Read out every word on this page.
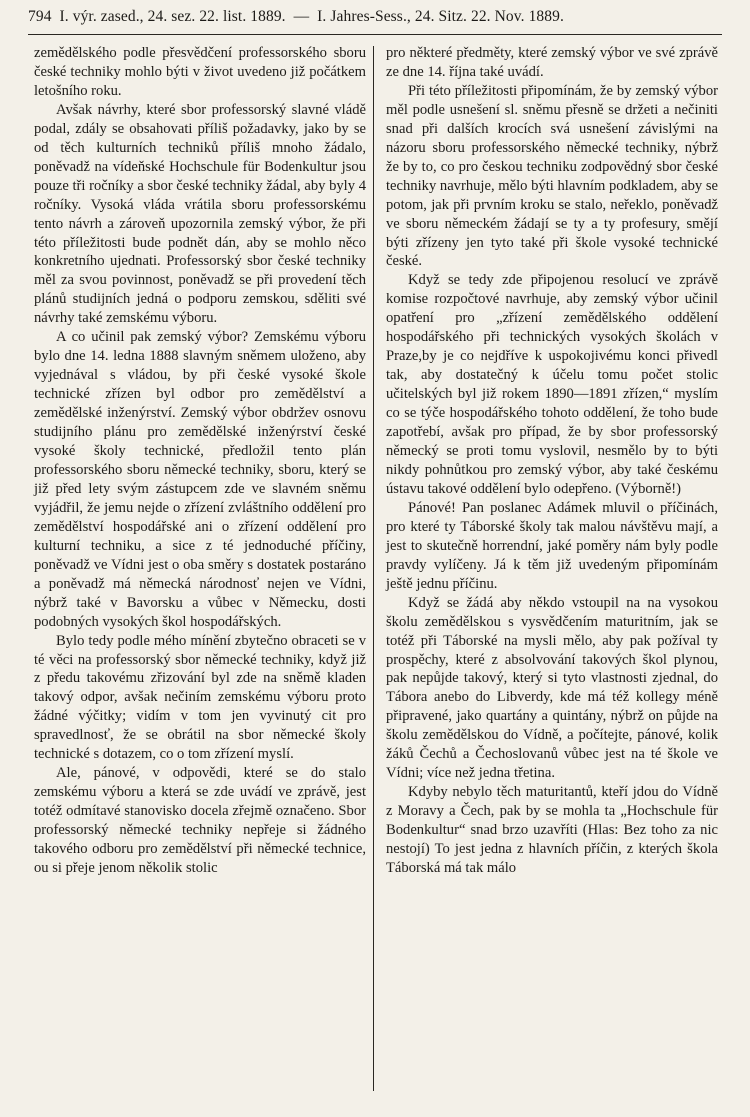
794 I. výr. zased., 24. sez. 22. list. 1889. — I. Jahres-Sess., 24. Sitz. 22. Nov. 1889.

zemědělského podle přesvědčení professorského sboru české techniky mohlo býti v život uvedeno již počátkem letošního roku.

Avšak návrhy, které sbor professorský slavné vládě podal, zdály se obsahovati příliš požadavky, jako by se od těch kulturních techniků příliš mnoho žádalo, poněvadž na vídeňské Hochschule für Bodenkultur jsou pouze tři ročníky a sbor české techniky žádal, aby byly 4 ročníky. Vysoká vláda vrátila sboru professorskému tento návrh a zároveň upozornila zemský výbor, že při této příležitosti bude podnět dán, aby se mohlo něco konkretního ujednati. Professorský sbor české techniky měl za svou povinnost, poněvadž se při provedení těch plánů studijních jedná o podporu zemskou, sděliti své návrhy také zemskému výboru.

A co učinil pak zemský výbor? Zemskému výboru bylo dne 14. ledna 1888 slavným sněmem uloženo, aby vyjednával s vládou, by při české vysoké škole technické zřízen byl odbor pro zemědělství a zemědělské inženýrství. Zemský výbor obdržev osnovu studijního plánu pro zemědělské inženýrství české vysoké školy technické, předložil tento plán professorského sboru německé techniky, sboru, který se již před lety svým zástupcem zde ve slavném sněmu vyjádřil, že jemu nejde o zřízení zvláštního oddělení pro zemědělství hospodářské ani o zřízení oddělení pro kulturní techniku, a sice z té jednoduché příčiny, poněvadž ve Vídni jest o oba směry s dostatek postaráno a poněvadž má německá národnosť nejen ve Vídni, nýbrž také v Bavorsku a vůbec v Německu, dosti podobných vysokých škol hospodářských.

Bylo tedy podle mého mínění zbytečno obraceti se v té věci na professorský sbor německé techniky, když již z předu takovému zřizování byl zde na sněmě kladen takový odpor, avšak nečiním zemskému výboru proto žádné výčitky; vidím v tom jen vyvinutý cit pro spravedlnosť, že se obrátil na sbor německé školy technické s dotazem, co o tom zřízení myslí.

Ale, pánové, v odpovědi, které se do stalo zemskému výboru a která se zde uvádí ve zprávě, jest totéž odmítavé stanovisko docela zřejmě označeno. Sbor professorský německé techniky nepřeje si žádného takového odboru pro zemědělství při německé technice, ou si přeje jenom několik stolic

pro některé předměty, které zemský výbor ve své zprávě ze dne 14. října také uvádí.

Při této příležitosti připomínám, že by zemský výbor měl podle usnešení sl. sněmu přesně se držeti a nečiniti snad při dalších krocích svá usnešení závislými na názoru sboru professorského německé techniky, nýbrž že by to, co pro českou techniku zodpovědný sbor české techniky navrhuje, mělo býti hlavním podkladem, aby se potom, jak při prvním kroku se stalo, neřeklo, poněvadž ve sboru německém žádají se ty a ty profesury, smějí býti zřízeny jen tyto také při škole vysoké technické české.

Když se tedy zde připojenou resolucí ve zprávě komise rozpočtové navrhuje, aby zemský výbor učinil opatření pro „zřízení zemědělského oddělení hospodářského při technických vysokých školách v Praze,by je co nejdříve k uspokojivému konci přivedl tak, aby dostatečný k účelu tomu počet stolic učitelských byl již rokem 1890—1891 zřízen,“ myslím co se týče hospodářského tohoto oddělení, že toho bude zapotřebí, avšak pro případ, že by sbor professorský německý se proti tomu vyslovil, nesmělo by to býti nikdy pohnůtkou pro zemský výbor, aby také českému ústavu takové oddělení bylo odepřeno. (Výborně!)

Pánové! Pan poslanec Adámek mluvil o příčinách, pro které ty Táborské školy tak malou návštěvu mají, a jest to skutečně horrendní, jaké poměry nám byly podle pravdy vylíčeny. Já k těm již uvedeným připomínám ještě jednu příčinu.

Když se žádá aby někdo vstoupil na na vysokou školu zemědělskou s vysvědčením maturitním, jak se totéž při Táborské na mysli mělo, aby pak požíval ty prospěchy, které z absolvování takových škol plynou, pak nepůjde takový, který si tyto vlastnosti zjednal, do Tábora anebo do Libverdy, kde má též kollegy méně připravené, jako quartány a quintány, nýbrž on půjde na školu zemědělskou do Vídně, a počítejte, pánové, kolik žáků Čechů a Čechoslovanů vůbec jest na té škole ve Vídni; více než jedna třetina.

Kdyby nebylo těch maturitantů, kteří jdou do Vídně z Moravy a Čech, pak by se mohla ta „Hochschule für Bodenkultur“ snad brzo uzavříti (Hlas: Bez toho za nic nestojí) To jest jedna z hlavních příčin, z kterých škola Táborská má tak málo
